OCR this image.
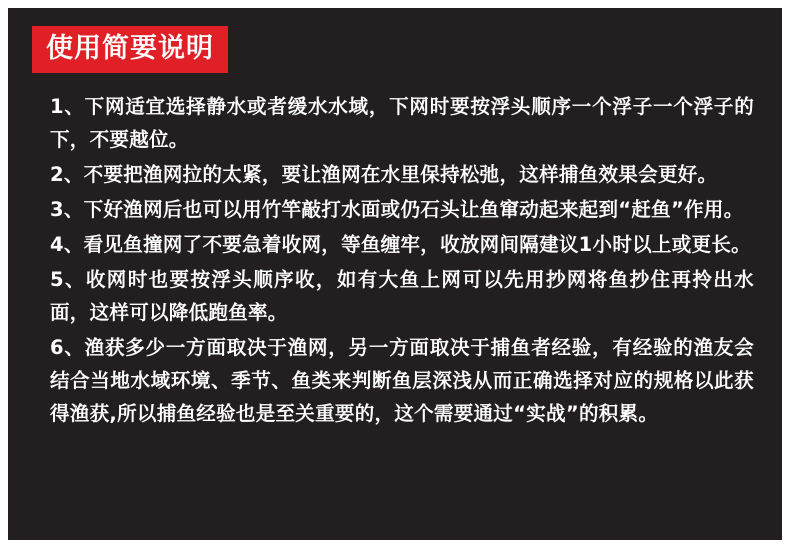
使用简要说明
1、下网适宜选择静水或者缓水水域，下网时要按浮头顺序一个浮子一个浮子的下，不要越位。
2、不要把渔网拉的太紧，要让渔网在水里保持松弛，这样捕鱼效果会更好。
3、下好渔网后也可以用竹竿敲打水面或仍石头让鱼窜动起来起到“赶鱼”作用。
4、看见鱼撞网了不要急着收网，等鱼缠牢，收放网间隔建议1小时以上或更长。
5、收网时也要按浮头顺序收，如有大鱼上网可以先用抄网将鱼抄住再拎出水面，这样可以降低跑鱼率。
6、渔获多少一方面取决于渔网，另一方面取决于捕鱼者经验，有经验的渔友会结合当地水域环境、季节、鱼类来判断鱼层深浅从而正确选择对应的规格以此获得渔获,所以捕鱼经验也是至关重要的，这个需要通过“实战”的积累。
